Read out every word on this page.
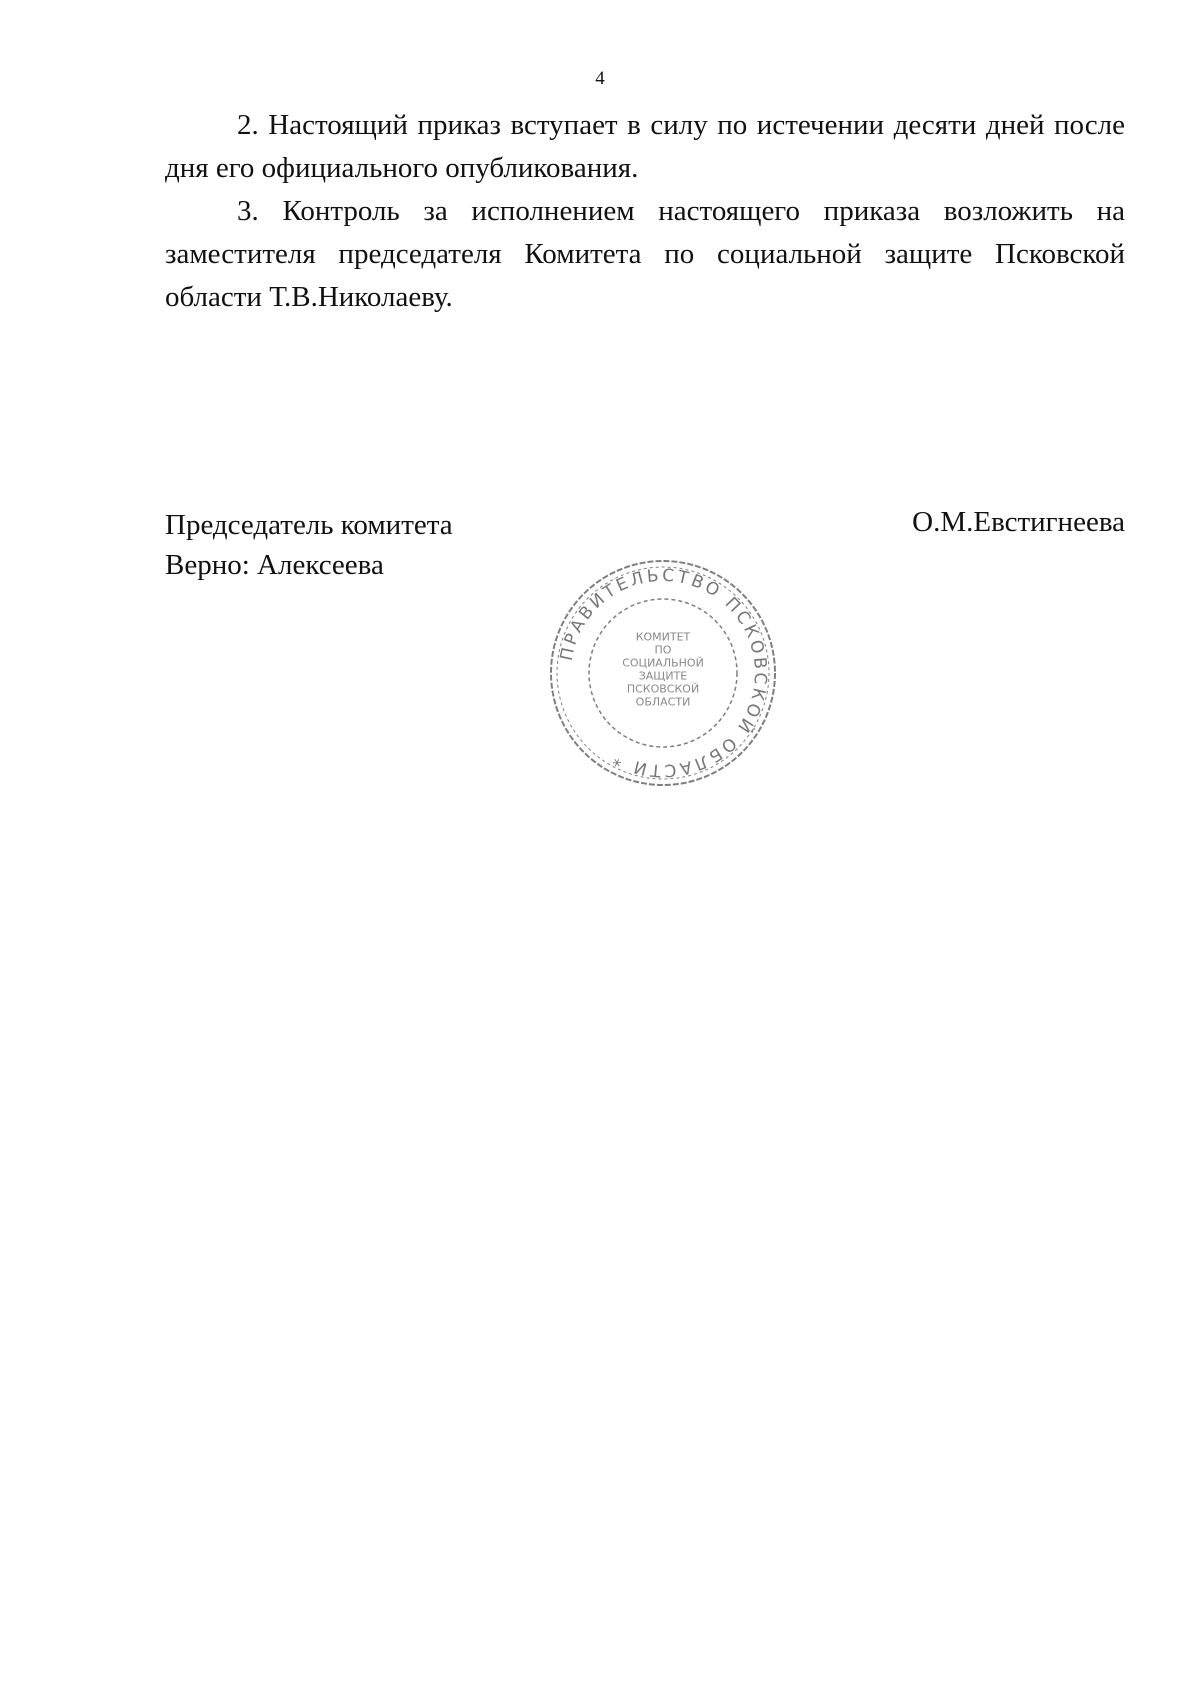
4

2. Настоящий приказ вступает в силу по истечении десяти дней после дня его официального опубликования.

3. Контроль за исполнением настоящего приказа возложить на заместителя председателя Комитета по социальной защите Псковской области Т.В.Николаеву.

Председатель комитета	О.М.Евстигнеева
Верно: Алексеева
ПРАВИТЕЛЬСТВО ПСКОВСКОЙ ОБЛАСТИ *
КОМИТЕТ
ПО
СОЦИАЛЬНОЙ
ЗАЩИТЕ
ПСКОВСКОЙ
ОБЛАСТИ
